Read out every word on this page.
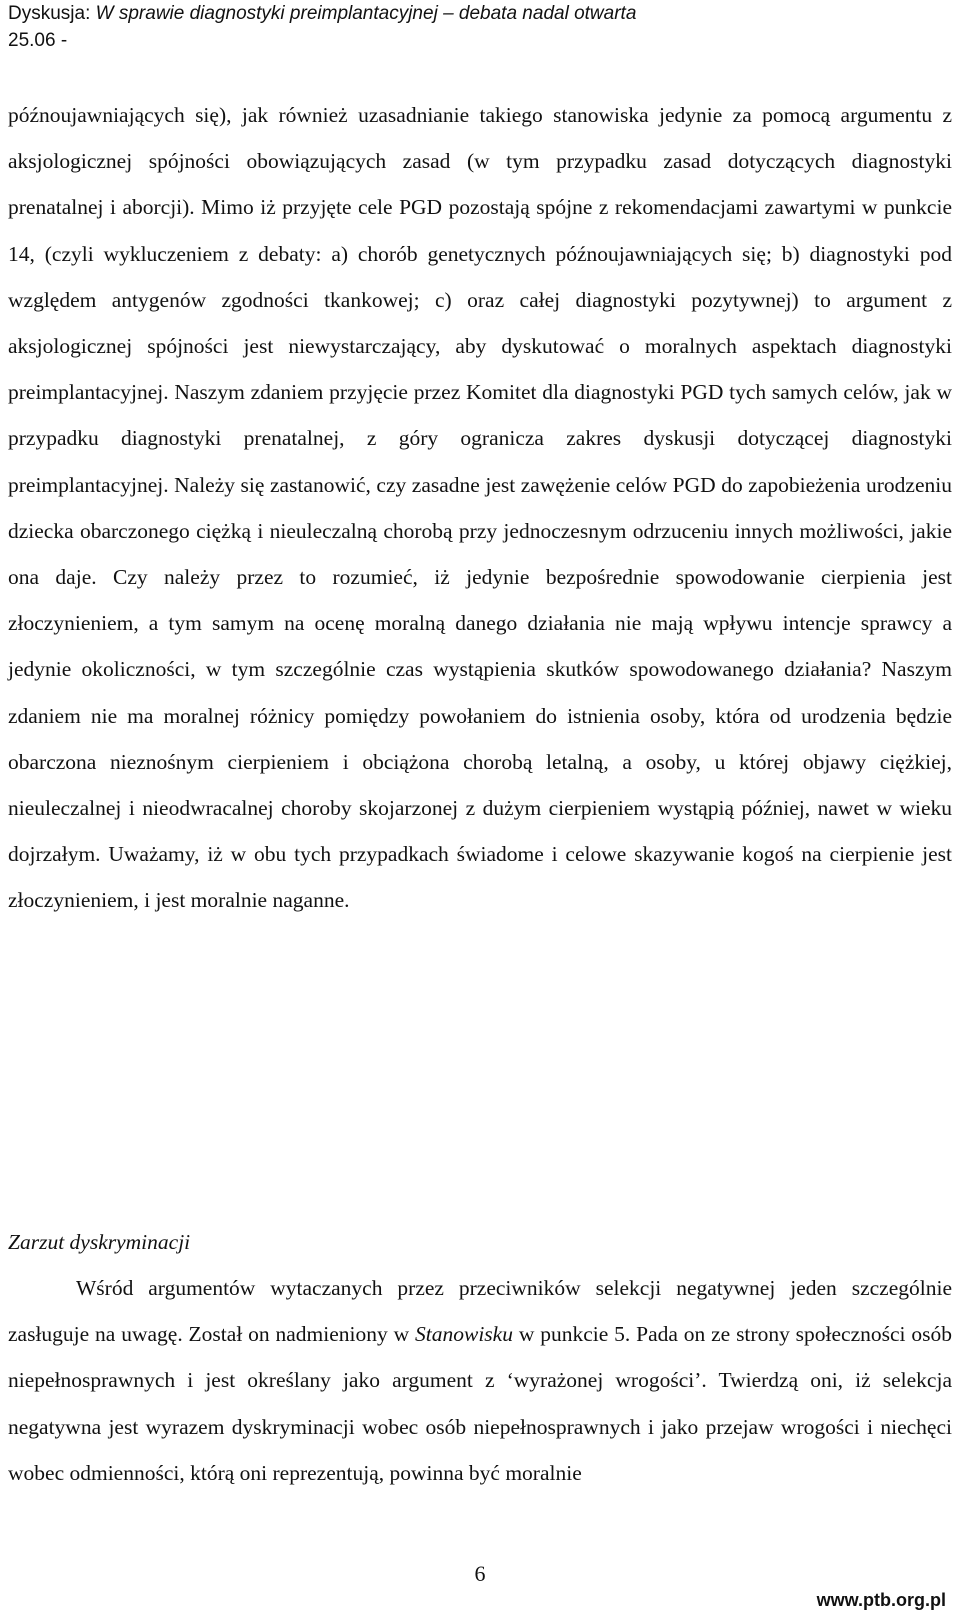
Dyskusja: W sprawie diagnostyki preimplantacyjnej – debata nadal otwarta
25.06 -
późnoujawniających się), jak również uzasadnianie takiego stanowiska jedynie za pomocą argumentu z aksjologicznej spójności obowiązujących zasad (w tym przypadku zasad dotyczących diagnostyki prenatalnej i aborcji). Mimo iż przyjęte cele PGD pozostają spójne z rekomendacjami zawartymi w punkcie 14, (czyli wykluczeniem z debaty: a) chorób genetycznych późnoujawniających się; b) diagnostyki pod względem antygenów zgodności tkankowej; c) oraz całej diagnostyki pozytywnej) to argument z aksjologicznej spójności jest niewystarczający, aby dyskutować o moralnych aspektach diagnostyki preimplantacyjnej. Naszym zdaniem przyjęcie przez Komitet dla diagnostyki PGD tych samych celów, jak w przypadku diagnostyki prenatalnej, z góry ogranicza zakres dyskusji dotyczącej diagnostyki preimplantacyjnej. Należy się zastanowić, czy zasadne jest zawężenie celów PGD do zapobieżenia urodzeniu dziecka obarczonego ciężką i nieuleczalną chorobą przy jednoczesnym odrzuceniu innych możliwości, jakie ona daje. Czy należy przez to rozumieć, iż jedynie bezpośrednie spowodowanie cierpienia jest złoczynieniem, a tym samym na ocenę moralną danego działania nie mają wpływu intencje sprawcy a jedynie okoliczności, w tym szczególnie czas wystąpienia skutków spowodowanego działania? Naszym zdaniem nie ma moralnej różnicy pomiędzy powołaniem do istnienia osoby, która od urodzenia będzie obarczona nieznośnym cierpieniem i obciążona chorobą letalną, a osoby, u której objawy ciężkiej, nieuleczalnej i nieodwracalnej choroby skojarzonej z dużym cierpieniem wystąpią później, nawet w wieku dojrzałym. Uważamy, iż w obu tych przypadkach świadome i celowe skazywanie kogoś na cierpienie jest złoczynieniem, i jest moralnie naganne.
Zarzut dyskryminacji
Wśród argumentów wytaczanych przez przeciwników selekcji negatywnej jeden szczególnie zasługuje na uwagę. Został on nadmieniony w Stanowisku w punkcie 5. Pada on ze strony społeczności osób niepełnosprawnych i jest określany jako argument z ‘wyrażonej wrogości’. Twierdzą oni, iż selekcja negatywna jest wyrazem dyskryminacji wobec osób niepełnosprawnych i jako przejaw wrogości i niechęci wobec odmienności, którą oni reprezentują, powinna być moralnie
6
www.ptb.org.pl
